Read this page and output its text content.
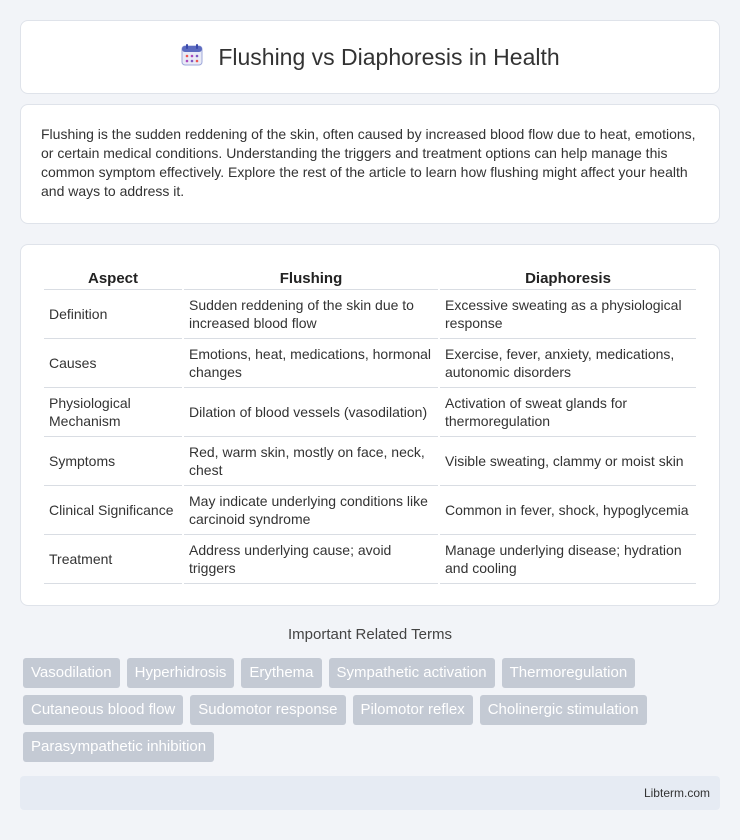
Flushing vs Diaphoresis in Health

Flushing is the sudden reddening of the skin, often caused by increased blood flow due to heat, emotions, or certain medical conditions. Understanding the triggers and treatment options can help manage this common symptom effectively. Explore the rest of the article to learn how flushing might affect your health and ways to address it.

Aspect	Flushing	Diaphoresis
Definition	Sudden reddening of the skin due to increased blood flow	Excessive sweating as a physiological response
Causes	Emotions, heat, medications, hormonal changes	Exercise, fever, anxiety, medications, autonomic disorders
Physiological Mechanism	Dilation of blood vessels (vasodilation)	Activation of sweat glands for thermoregulation
Symptoms	Red, warm skin, mostly on face, neck, chest	Visible sweating, clammy or moist skin
Clinical Significance	May indicate underlying conditions like carcinoid syndrome	Common in fever, shock, hypoglycemia
Treatment	Address underlying cause; avoid triggers	Manage underlying disease; hydration and cooling
Important Related Terms
Vasodilation	Hyperhidrosis	Erythema	Sympathetic activation	Thermoregulation
Cutaneous blood flow	Sudomotor response	Pilomotor reflex	Cholinergic stimulation
Parasympathetic inhibition
Libterm.com
